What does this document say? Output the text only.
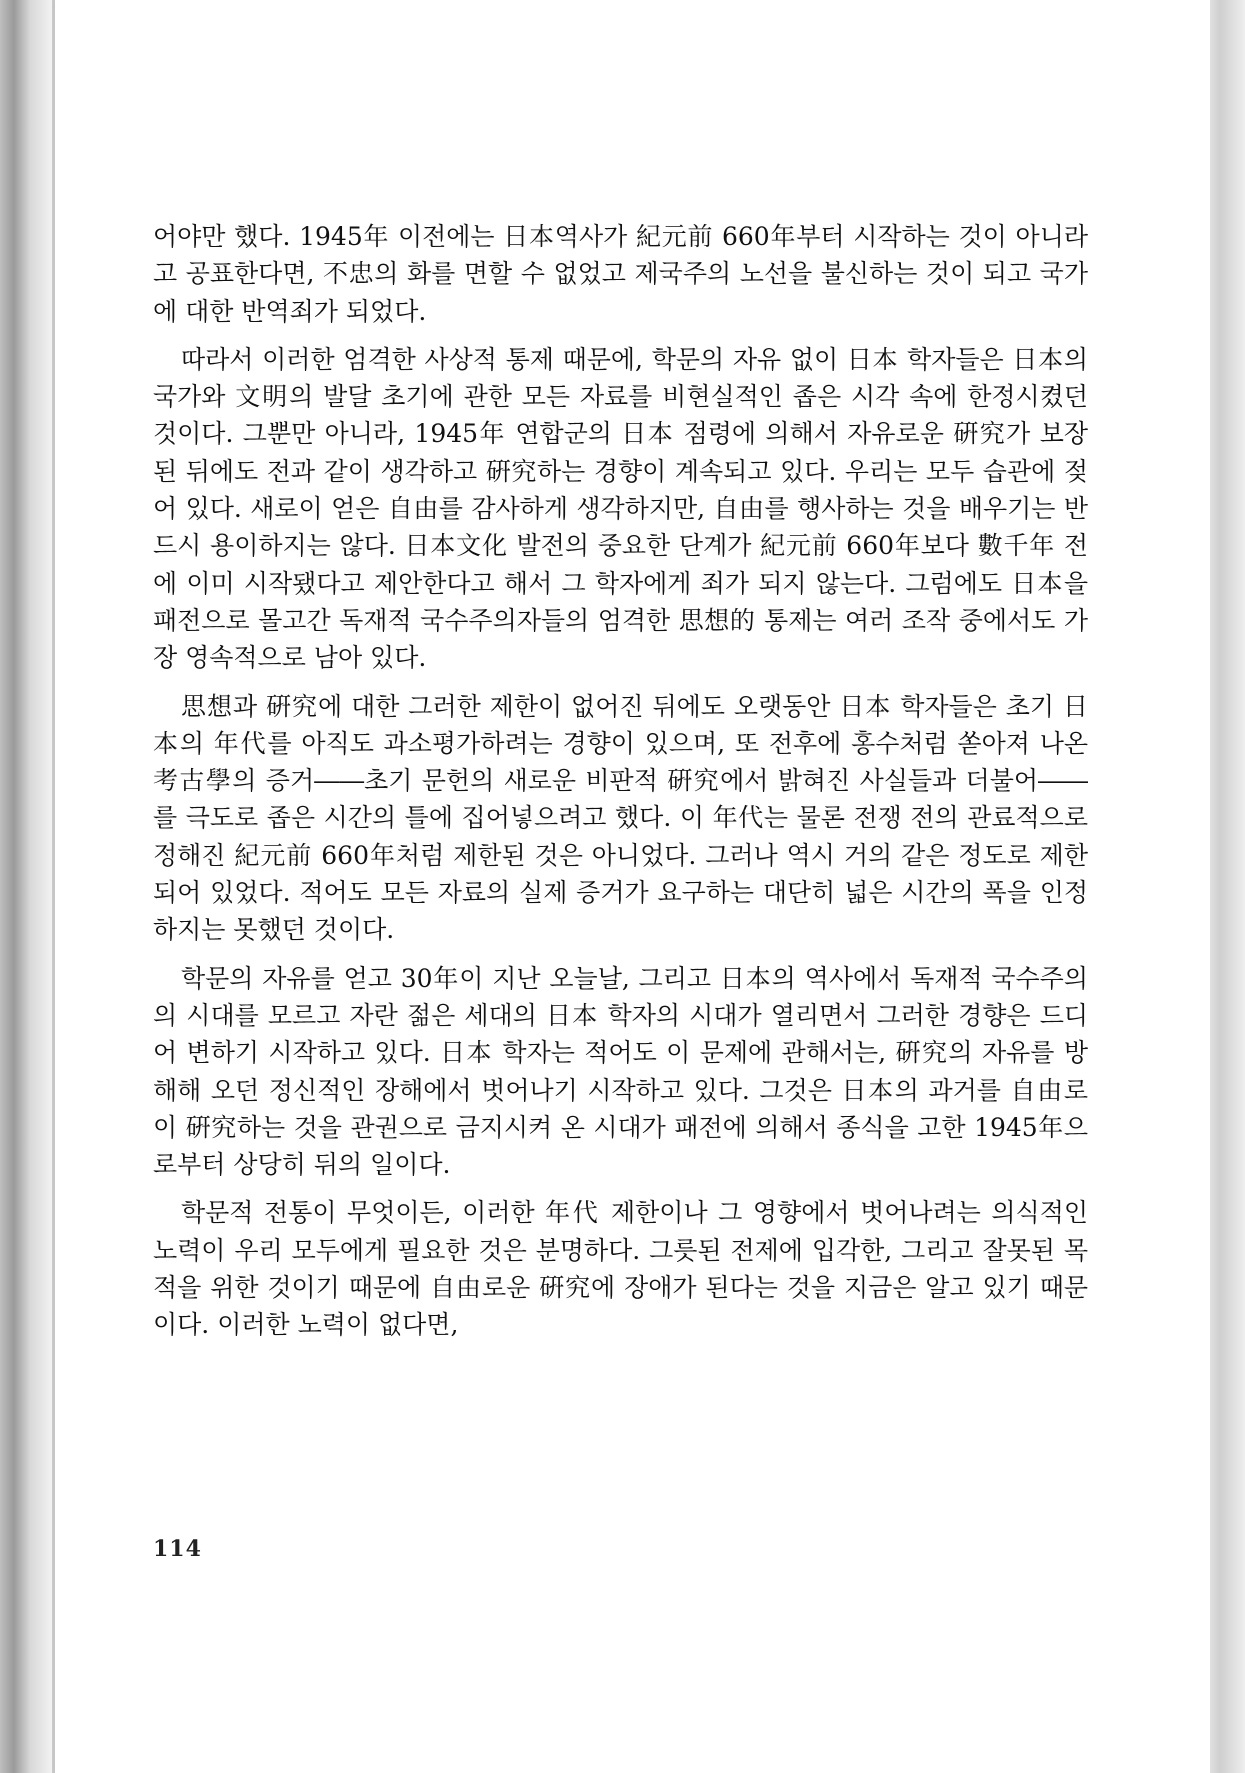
어야만 했다. 1945年 이전에는 日本역사가 紀元前 660年부터 시작하는 것이 아니라고 공표한다면, 不忠의 화를 면할 수 없었고 제국주의 노선을 불신하는 것이 되고 국가에 대한 반역죄가 되었다.

따라서 이러한 엄격한 사상적 통제 때문에, 학문의 자유 없이 日本 학자들은 日本의 국가와 文明의 발달 초기에 관한 모든 자료를 비현실적인 좁은 시각 속에 한정시켰던 것이다. 그뿐만 아니라, 1945年 연합군의 日本 점령에 의해서 자유로운 硏究가 보장된 뒤에도 전과 같이 생각하고 硏究하는 경향이 계속되고 있다. 우리는 모두 습관에 젖어 있다. 새로이 얻은 自由를 감사하게 생각하지만, 自由를 행사하는 것을 배우기는 반드시 용이하지는 않다. 日本文化 발전의 중요한 단계가 紀元前 660年보다 數千年 전에 이미 시작됐다고 제안한다고 해서 그 학자에게 죄가 되지 않는다. 그럼에도 日本을 패전으로 몰고간 독재적 국수주의자들의 엄격한 思想的 통제는 여러 조작 중에서도 가장 영속적으로 남아 있다.

思想과 硏究에 대한 그러한 제한이 없어진 뒤에도 오랫동안 日本 학자들은 초기 日本의 年代를 아직도 과소평가하려는 경향이 있으며, 또 전후에 홍수처럼 쏟아져 나온 考古學의 증거――초기 문헌의 새로운 비판적 硏究에서 밝혀진 사실들과 더불어――를 극도로 좁은 시간의 틀에 집어넣으려고 했다. 이 年代는 물론 전쟁 전의 관료적으로 정해진 紀元前 660年처럼 제한된 것은 아니었다. 그러나 역시 거의 같은 정도로 제한되어 있었다. 적어도 모든 자료의 실제 증거가 요구하는 대단히 넓은 시간의 폭을 인정하지는 못했던 것이다.

학문의 자유를 얻고 30年이 지난 오늘날, 그리고 日本의 역사에서 독재적 국수주의의 시대를 모르고 자란 젊은 세대의 日本 학자의 시대가 열리면서 그러한 경향은 드디어 변하기 시작하고 있다. 日本 학자는 적어도 이 문제에 관해서는, 硏究의 자유를 방해해 오던 정신적인 장해에서 벗어나기 시작하고 있다. 그것은 日本의 과거를 自由로이 硏究하는 것을 관권으로 금지시켜 온 시대가 패전에 의해서 종식을 고한 1945年으로부터 상당히 뒤의 일이다.

학문적 전통이 무엇이든, 이러한 年代 제한이나 그 영향에서 벗어나려는 의식적인 노력이 우리 모두에게 필요한 것은 분명하다. 그릇된 전제에 입각한, 그리고 잘못된 목적을 위한 것이기 때문에 自由로운 硏究에 장애가 된다는 것을 지금은 알고 있기 때문이다. 이러한 노력이 없다면,

114
